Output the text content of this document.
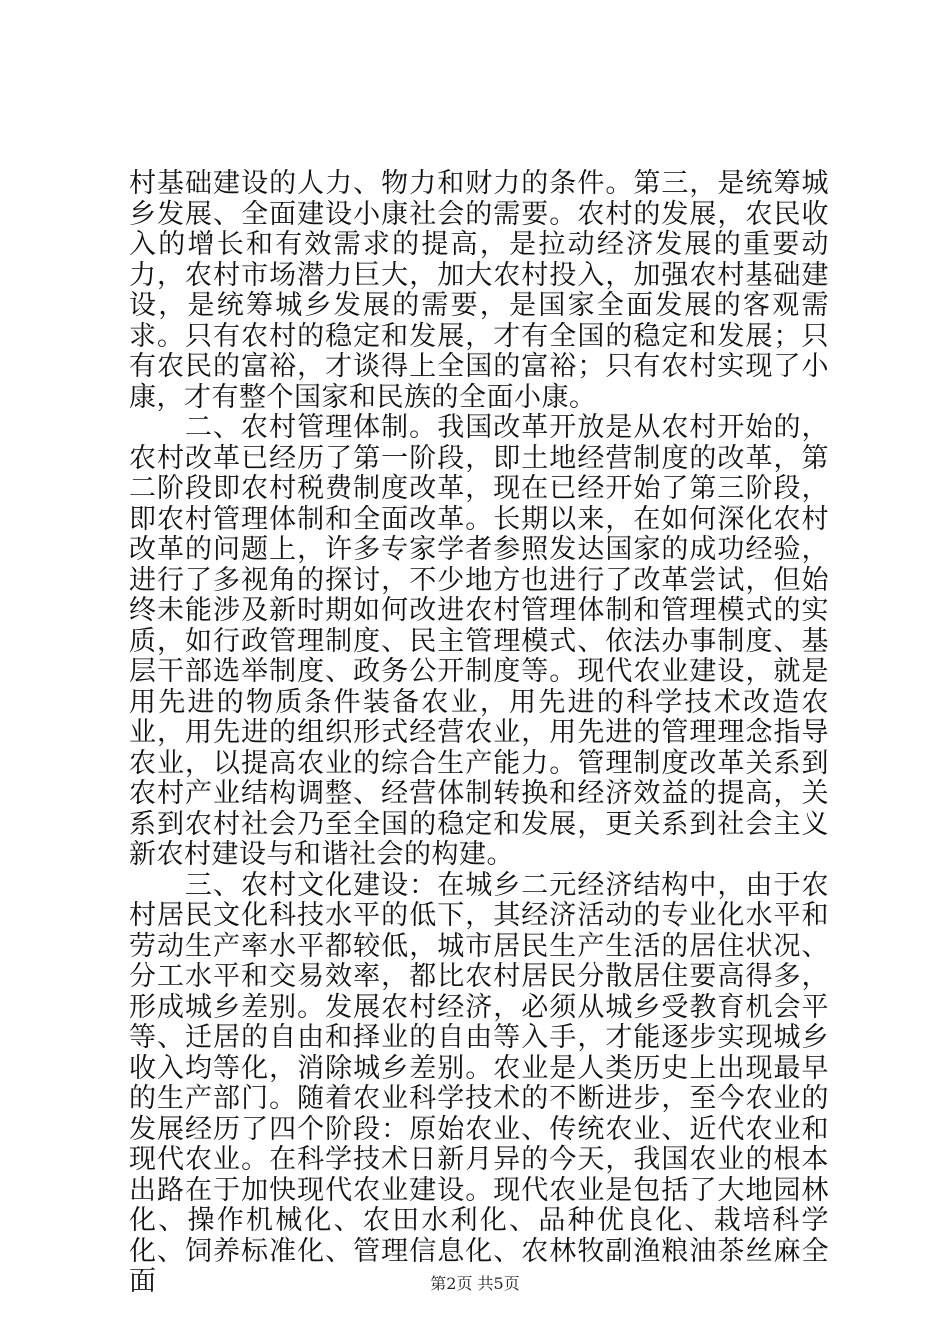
村基础建设的人力、物力和财力的条件。第三，是统筹城乡发展、全面建设小康社会的需要。农村的发展，农民收入的增长和有效需求的提高，是拉动经济发展的重要动力，农村市场潜力巨大，加大农村投入，加强农村基础建设，是统筹城乡发展的需要，是国家全面发展的客观需求。只有农村的稳定和发展，才有全国的稳定和发展；只有农民的富裕，才谈得上全国的富裕；只有农村实现了小康，才有整个国家和民族的全面小康。

二、农村管理体制。我国改革开放是从农村开始的，农村改革已经历了第一阶段，即土地经营制度的改革，第二阶段即农村税费制度改革，现在已经开始了第三阶段，即农村管理体制和全面改革。长期以来，在如何深化农村改革的问题上，许多专家学者参照发达国家的成功经验，进行了多视角的探讨，不少地方也进行了改革尝试，但始终未能涉及新时期如何改进农村管理体制和管理模式的实质，如行政管理制度、民主管理模式、依法办事制度、基层干部选举制度、政务公开制度等。现代农业建设，就是用先进的物质条件装备农业，用先进的科学技术改造农业，用先进的组织形式经营农业，用先进的管理理念指导农业，以提高农业的综合生产能力。管理制度改革关系到农村产业结构调整、经营体制转换和经济效益的提高，关系到农村社会乃至全国的稳定和发展，更关系到社会主义新农村建设与和谐社会的构建。

三、农村文化建设：在城乡二元经济结构中，由于农村居民文化科技水平的低下，其经济活动的专业化水平和劳动生产率水平都较低，城市居民生产生活的居住状况、分工水平和交易效率，都比农村居民分散居住要高得多，形成城乡差别。发展农村经济，必须从城乡受教育机会平等、迁居的自由和择业的自由等入手，才能逐步实现城乡收入均等化，消除城乡差别。农业是人类历史上出现最早的生产部门。随着农业科学技术的不断进步，至今农业的发展经历了四个阶段：原始农业、传统农业、近代农业和现代农业。在科学技术日新月异的今天，我国农业的根本出路在于加快现代农业建设。现代农业是包括了大地园林化、操作机械化、农田水利化、品种优良化、栽培科学化、饲养标准化、管理信息化、农林牧副渔粮油茶丝麻全面	第2页 共5页
